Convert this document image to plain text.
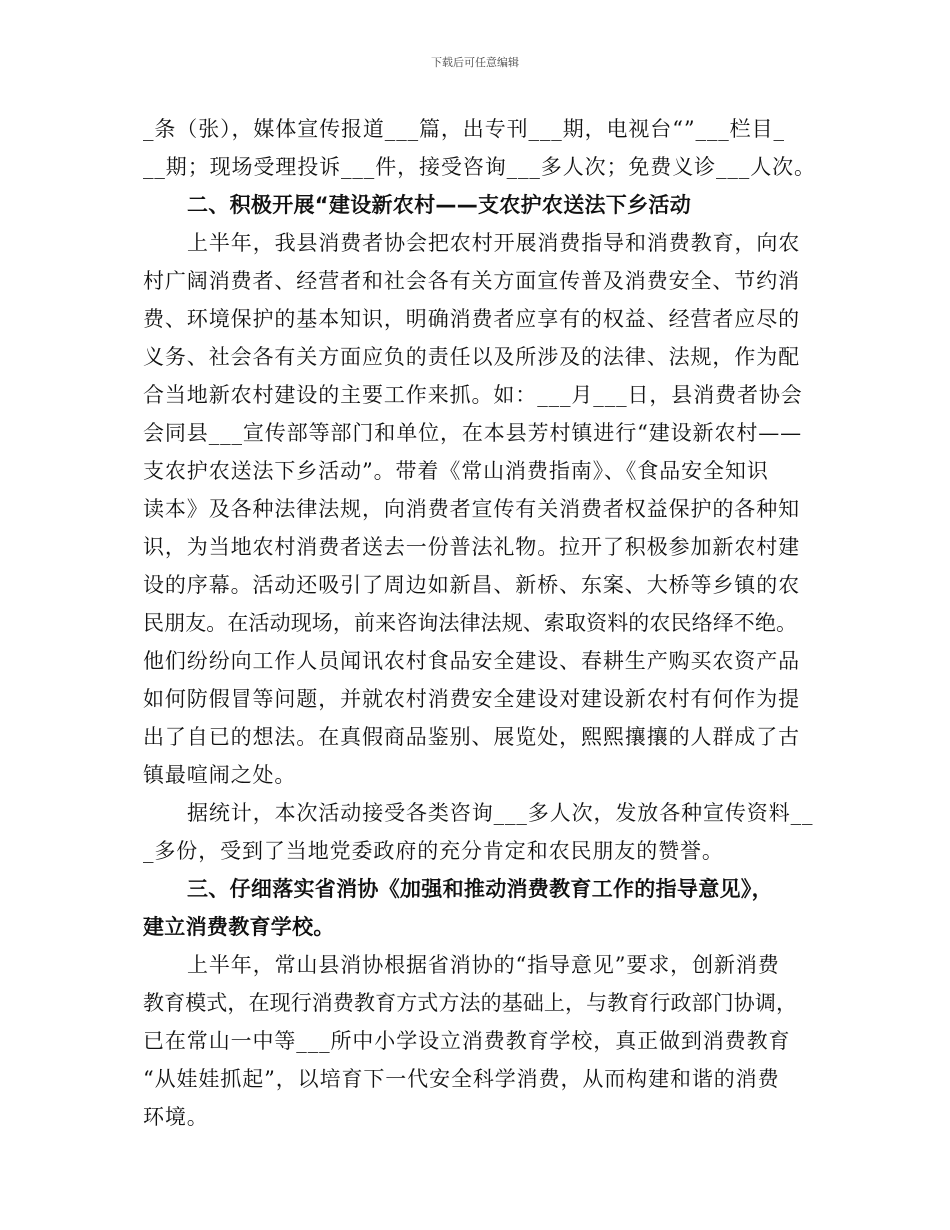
下载后可任意编辑
_条（张），媒体宣传报道___篇，出专刊___期，电视台“”___栏目_
__期；现场受理投诉___件，接受咨询___多人次；免费义诊___人次。
二、积极开展“建设新农村——支农护农送法下乡活动
上半年，我县消费者协会把农村开展消费指导和消费教育，向农
村广阔消费者、经营者和社会各有关方面宣传普及消费安全、节约消
费、环境保护的基本知识，明确消费者应享有的权益、经营者应尽的
义务、社会各有关方面应负的责任以及所涉及的法律、法规，作为配
合当地新农村建设的主要工作来抓。如：___月___日，县消费者协会
会同县___宣传部等部门和单位，在本县芳村镇进行“建设新农村——
支农护农送法下乡活动”。带着《常山消费指南》、《食品安全知识
读本》及各种法律法规，向消费者宣传有关消费者权益保护的各种知
识，为当地农村消费者送去一份普法礼物。拉开了积极参加新农村建
设的序幕。活动还吸引了周边如新昌、新桥、东案、大桥等乡镇的农
民朋友。在活动现场，前来咨询法律法规、索取资料的农民络绎不绝。
他们纷纷向工作人员闻讯农村食品安全建设、春耕生产购买农资产品
如何防假冒等问题，并就农村消费安全建设对建设新农村有何作为提
出了自已的想法。在真假商品鉴别、展览处，熙熙攘攘的人群成了古
镇最喧闹之处。
据统计，本次活动接受各类咨询___多人次，发放各种宣传资料__
_多份，受到了当地党委政府的充分肯定和农民朋友的赞誉。
三、仔细落实省消协《加强和推动消费教育工作的指导意见》，
建立消费教育学校。
上半年，常山县消协根据省消协的“指导意见”要求，创新消费
教育模式，在现行消费教育方式方法的基础上，与教育行政部门协调，
已在常山一中等___所中小学设立消费教育学校，真正做到消费教育
“从娃娃抓起”，以培育下一代安全科学消费，从而构建和谐的消费
环境。
